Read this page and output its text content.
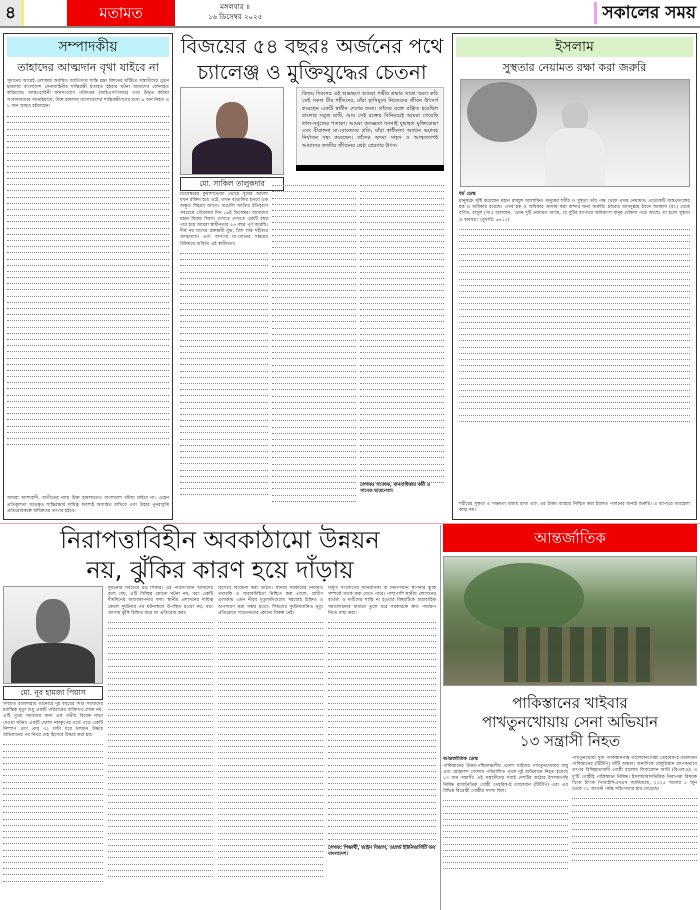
৪	মতামত	মঙ্গলবার ॥
১৬ ডিসেম্বর ২০২৫	সকালের সময়
সম্পাদকীয়
তাহাদের আত্মদান বৃথা যাইবে না
সুদানের আবেই এলাকায় অবস্থিত জাতিসংঘ শান্তি রক্ষা মিশনের ঘাঁটিতে সন্ত্রাসীদের ড্রোন হামলায় বাংলাদেশ সেনাবাহিনীর শান্তিরক্ষী হতাহত হইবার ঘটনা আমাদের বেদনাহত করিয়াছে। আন্তঃবাহিনী জনসংযোগ পরিদপ্তর (আইএসপিআর) তথ্য উদ্ধৃত করিয়া সংবাদমাধ্যমে জানাইয়াছে, উক্ত হামলায় বাংলাদেশের শান্তিরক্ষীগণের মধ্যে ৬ জন নিহত ও ৮ জন আহত হইয়াছেন।
আমরা আশাবাদী, অতীতের ন্যায় উক্ত হামলাতেও বাংলাদেশ দমিয়া যাইবে না; এহেন প্রতিকূলতা সত্ত্বেও শান্তিরক্ষার দায়িত্ব অবশ্যই অব্যাহত রাখিবে এবং উহার পুনরাবৃত্তি প্রতিরোধকল্পে অধিকতর তৎপর হইবে।
বিজয়ের ৫৪ বছরঃ অর্জনের পথে
চ্যালেঞ্জ ও মুক্তিযুদ্ধের চেতনা
মো. সাকিল তালুকদার
বিজয় দিবসের এই শুভক্ষণে আমরা গভীর শ্রদ্ধার সাথে স্মরণ করি সেই সকল বীর শহীদদের, যাঁরা হাসিমুখে নিজেদের জীবন উৎসর্গ করেছেন একটি স্বাধীন দেশের জন্য। তাঁদের রক্তে রঞ্জিত হয়েছিল বাংলার সবুজ মাটি, আর সেই রক্তের বিনিময়েই আমরা পেয়েছি লাল-সবুজের পতাকা। আমরা কৃতজ্ঞতা জানাই যুদ্ধাহত মুক্তিযোদ্ধা এবং বীরাঙ্গনা মা-বোনেদের প্রতি, যাঁরা স্বাধীনতা অর্জনে ভয়াবহ নির্যাতন সহ্য করেছেন। তাঁদের অদম্য সাহস ও আত্মত্যাগই আমাদের জাতীয় জীবনের শ্রেষ্ঠ প্রেরণার উৎস।
ডিসেম্বরের কুয়াশাভেজা ভোরে সূর্যের আলো যখন রক্তিম হয়ে ওঠে, তখন বাঙালির হৃদয়ে এক অদ্ভুত শিহরণ জাগে। বাঙালি জাতির ইতিহাসে সবচেয়ে গৌরবময় দিন ১৬ই ডিসেম্বর। আমাদের মহান বিজয় দিবস। দেখতে দেখতে একটি বছর পার হয়ে আমরা স্বাধীনতার ৫৪ বছর পূর্ণ করেছি। দীর্ঘ নয় মাসের রক্তক্ষয়ী যুদ্ধ, ত্রিশ লক্ষ শহীদের আত্মত্যাগ এবং অসংখ্য মা-বোনের সম্ভ্রমের বিনিময়ে অর্জিত এই স্বাধীনতা।
লেখকঃ গবেষক, মানবাধিকার কর্মী ও সাবেক ছাত্রনেতা।
ইসলাম
সুস্থতার নেয়ামত রক্ষা করা জরুরি
ধর্ম ডেস্ক
মানুষকে সৃষ্টি করেছেন মহান রাব্বুল আলামিন। মানুষের শরীর ও সুস্থতা তাঁর পক্ষ থেকে প্রদত্ত নেয়ামত। প্রত্যেকটি অঙ্গপ্রত্যঙ্গের হক ও অধিকার রয়েছে। এসব হক ও অধিকার আদায় করা বান্দার জন্য জরুরি। হজরত আবদুল্লাহ ইবনে আব্বাস (রা.) থেকে বর্ণিত, রাসুল (সা.) বলেছেন, 'এমন দুটি নেয়ামত আছে, যে দুটির ব্যাপারে অধিকাংশ মানুষ ধোঁকায় পড়ে আছে। তা হলো সুস্থতা ও অবসর।' (বুখারি: ৬৪১২)
শরীরের সুস্থতা ও সক্ষমতা বজায় রাখা এবং এর উত্তম ব্যবহার নিশ্চিত করা ইবাদত পালনের জন্যই জরুরি। এ ব্যাপারে অবহেলা কাম্য নয়।
নিরাপত্তাবিহীন অবকাঠামো উন্নয়ন
নয়, ঝুঁকির কারণ হয়ে দাঁড়ায়
মো. নূর হামজা পিয়াস
সম্প্রতি রাজশাহীর তানোরে দুই বছরের শিশু সাজিদের মর্মান্তিক মৃত্যু শুধু একটি পরিবারের ব্যক্তিগত শোক নয়, এটি পুরো সমাজের জন্য এক গভীর বিবেক নাড়া দেওয়া ঘটনা। একটি খোলা নলকূপের গর্তে পড়ে একটি নিষ্পাপ প্রাণ প্রায় ৩২ ঘণ্টা ধরে চলমান উদ্ধার অভিযানের পর নিথর দেহ হিসেবে উদ্ধার করা হয়।
দুর্ঘটনার সবচেয়ে বড় শিকার। এই পরিসংখ্যান আমাদের বলে দেয়, এটি বিচ্ছিন্ন কোনো ঘটনা নয়, বরং একটি দীর্ঘদিনের অব্যবস্থাপনার ফল। স্থানীয় প্রশাসনের দায়িত্ব কেবল দুর্ঘটনার পর ঘটনাস্থলে উপস্থিত হওয়া নয়, বরং আগাম ঝুঁকি চিহ্নিত করে তা প্রতিরোধ করা।
হিসেবে বিবেচনা করা উচিত। স্থানীয় সরকারের নিয়মিত তদারকি ও জবাবদিহিতা নিশ্চিত করা গেলে, গ্রামীণ এলাকায় এমন নীরব মৃত্যুফাঁদগুলো সহজেই চিহ্নিত ও অপসারণ করা সম্ভব হতো। শিশুদের দুর্ঘটনাজনিত মৃত্যু প্রতিরোধে সচেতনতার কোনো বিকল্প নেই।
বিদ্যুৎ সংযোগের অনিরাপত্তা বা নির্মাণাধীন স্থাপনার ঝুঁকি সম্পর্কে সতর্ক করা যেতে পারে। পাশাপাশি স্থানীয় প্রশাসনের ব্যর্থতা ও দায়ীদের শাস্তি না হওয়ার বিষয়টিকে ধারাবাহিক সমালোচনার মাধ্যমে তুলে ধরে সরকারকে দ্রুত পদক্ষেপ নিতে বাধ্য করা।
লেখক: শিক্ষার্থী, আইন বিভাগ, ওয়ার্ল্ড ইউনিভার্সিটি অব বাংলাদেশ।
আন্তর্জাতিক
পাকিস্তানের খাইবার
পাখতুনখোয়ায় সেনা অভিযান
১৩ সন্ত্রাসী নিহত
আন্তর্জাতিক ডেস্ক
পাকিস্তানের উত্তর-পশ্চিমাঞ্চলীয় প্রদেশ খাইবার পাখতুনখোয়ার বান্নু এবং মোহমান্দ জেলায় পরিচালিত পৃথক দুই অভিযানে নিহত হয়েছে ১৩ জন সন্ত্রাসী। এই সন্ত্রাসীদের সবাই দেশটির কঠোর ইসলামপন্থি নিষিদ্ধ রাজনৈতিক গোষ্ঠী তেহরিক-ই তালেবান (টিটিপি) এবং এর বিভিন্ন বিদ্রোহী গোষ্ঠীর সদস্য ছিল।
পাখতুনখোয়া সুবা পাকিস্তানপন্থি তালেবানগোষ্ঠী তেহরিক-ই তালেবান পাকিস্তানের (টিটিপি) ঘাঁটি অঞ্চল। অন্যদিকে বেলুচিস্তান ব্যাপকভাবে তৎপর বিচ্ছিন্নতাবাদী গোষ্ঠী বালোচ লিবারেশন আর্মি (বিএলএ)। এ দু'টি গোষ্ঠীই পাকিস্তানে নিষিদ্ধ। ইসলামাবাদভিত্তিক নিরাপত্তা বিষয়ক থিংক ট্যাংক পিআইসিএসএস জানিয়েছে, ২০২৫ সালের ১ জুন থেকে ৩১ আগস্ট পর্যন্ত সহিংসতার হার বেড়েছে।
